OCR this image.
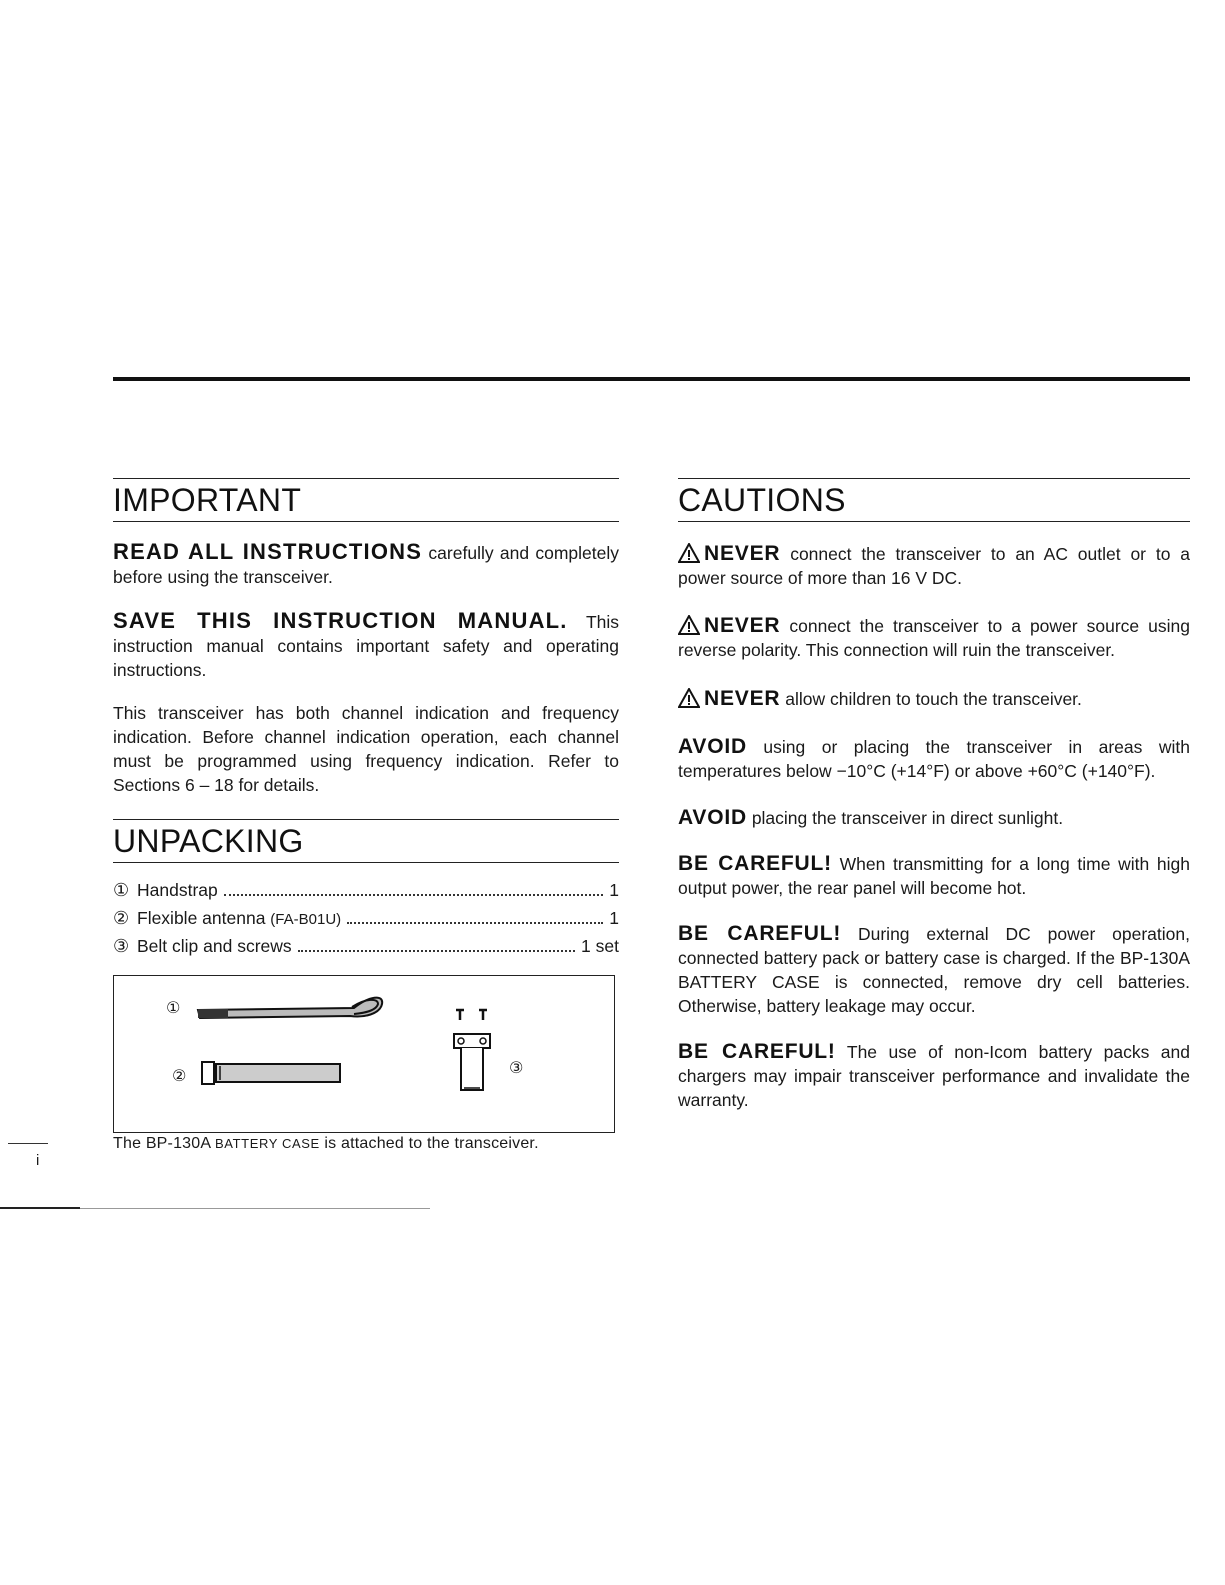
IMPORTANT

READ ALL INSTRUCTIONS carefully and completely before using the transceiver.

SAVE THIS INSTRUCTION MANUAL. This instruction manual contains important safety and operating instructions.

This transceiver has both channel indication and frequency indication. Before channel indication operation, each channel must be programmed using frequency indication. Refer to Sections 6 – 18 for details.

UNPACKING
① Handstrap	1
② Flexible antenna (FA-B01U)	1
③ Belt clip and screws	1 set
①
②	③
The BP-130A BATTERY CASE is attached to the transceiver.
CAUTIONS

NEVER connect the transceiver to an AC outlet or to a power source of more than 16 V DC.

NEVER connect the transceiver to a power source using reverse polarity. This connection will ruin the transceiver.

NEVER allow children to touch the transceiver.

AVOID using or placing the transceiver in areas with temperatures below −10°C (+14°F) or above +60°C (+140°F).

AVOID placing the transceiver in direct sunlight.

BE CAREFUL! When transmitting for a long time with high output power, the rear panel will become hot.

BE CAREFUL! During external DC power operation, connected battery pack or battery case is charged. If the BP-130A BATTERY CASE is connected, remove dry cell batteries. Otherwise, battery leakage may occur.

BE CAREFUL! The use of non-Icom battery packs and chargers may impair transceiver performance and invalidate the warranty.

i
